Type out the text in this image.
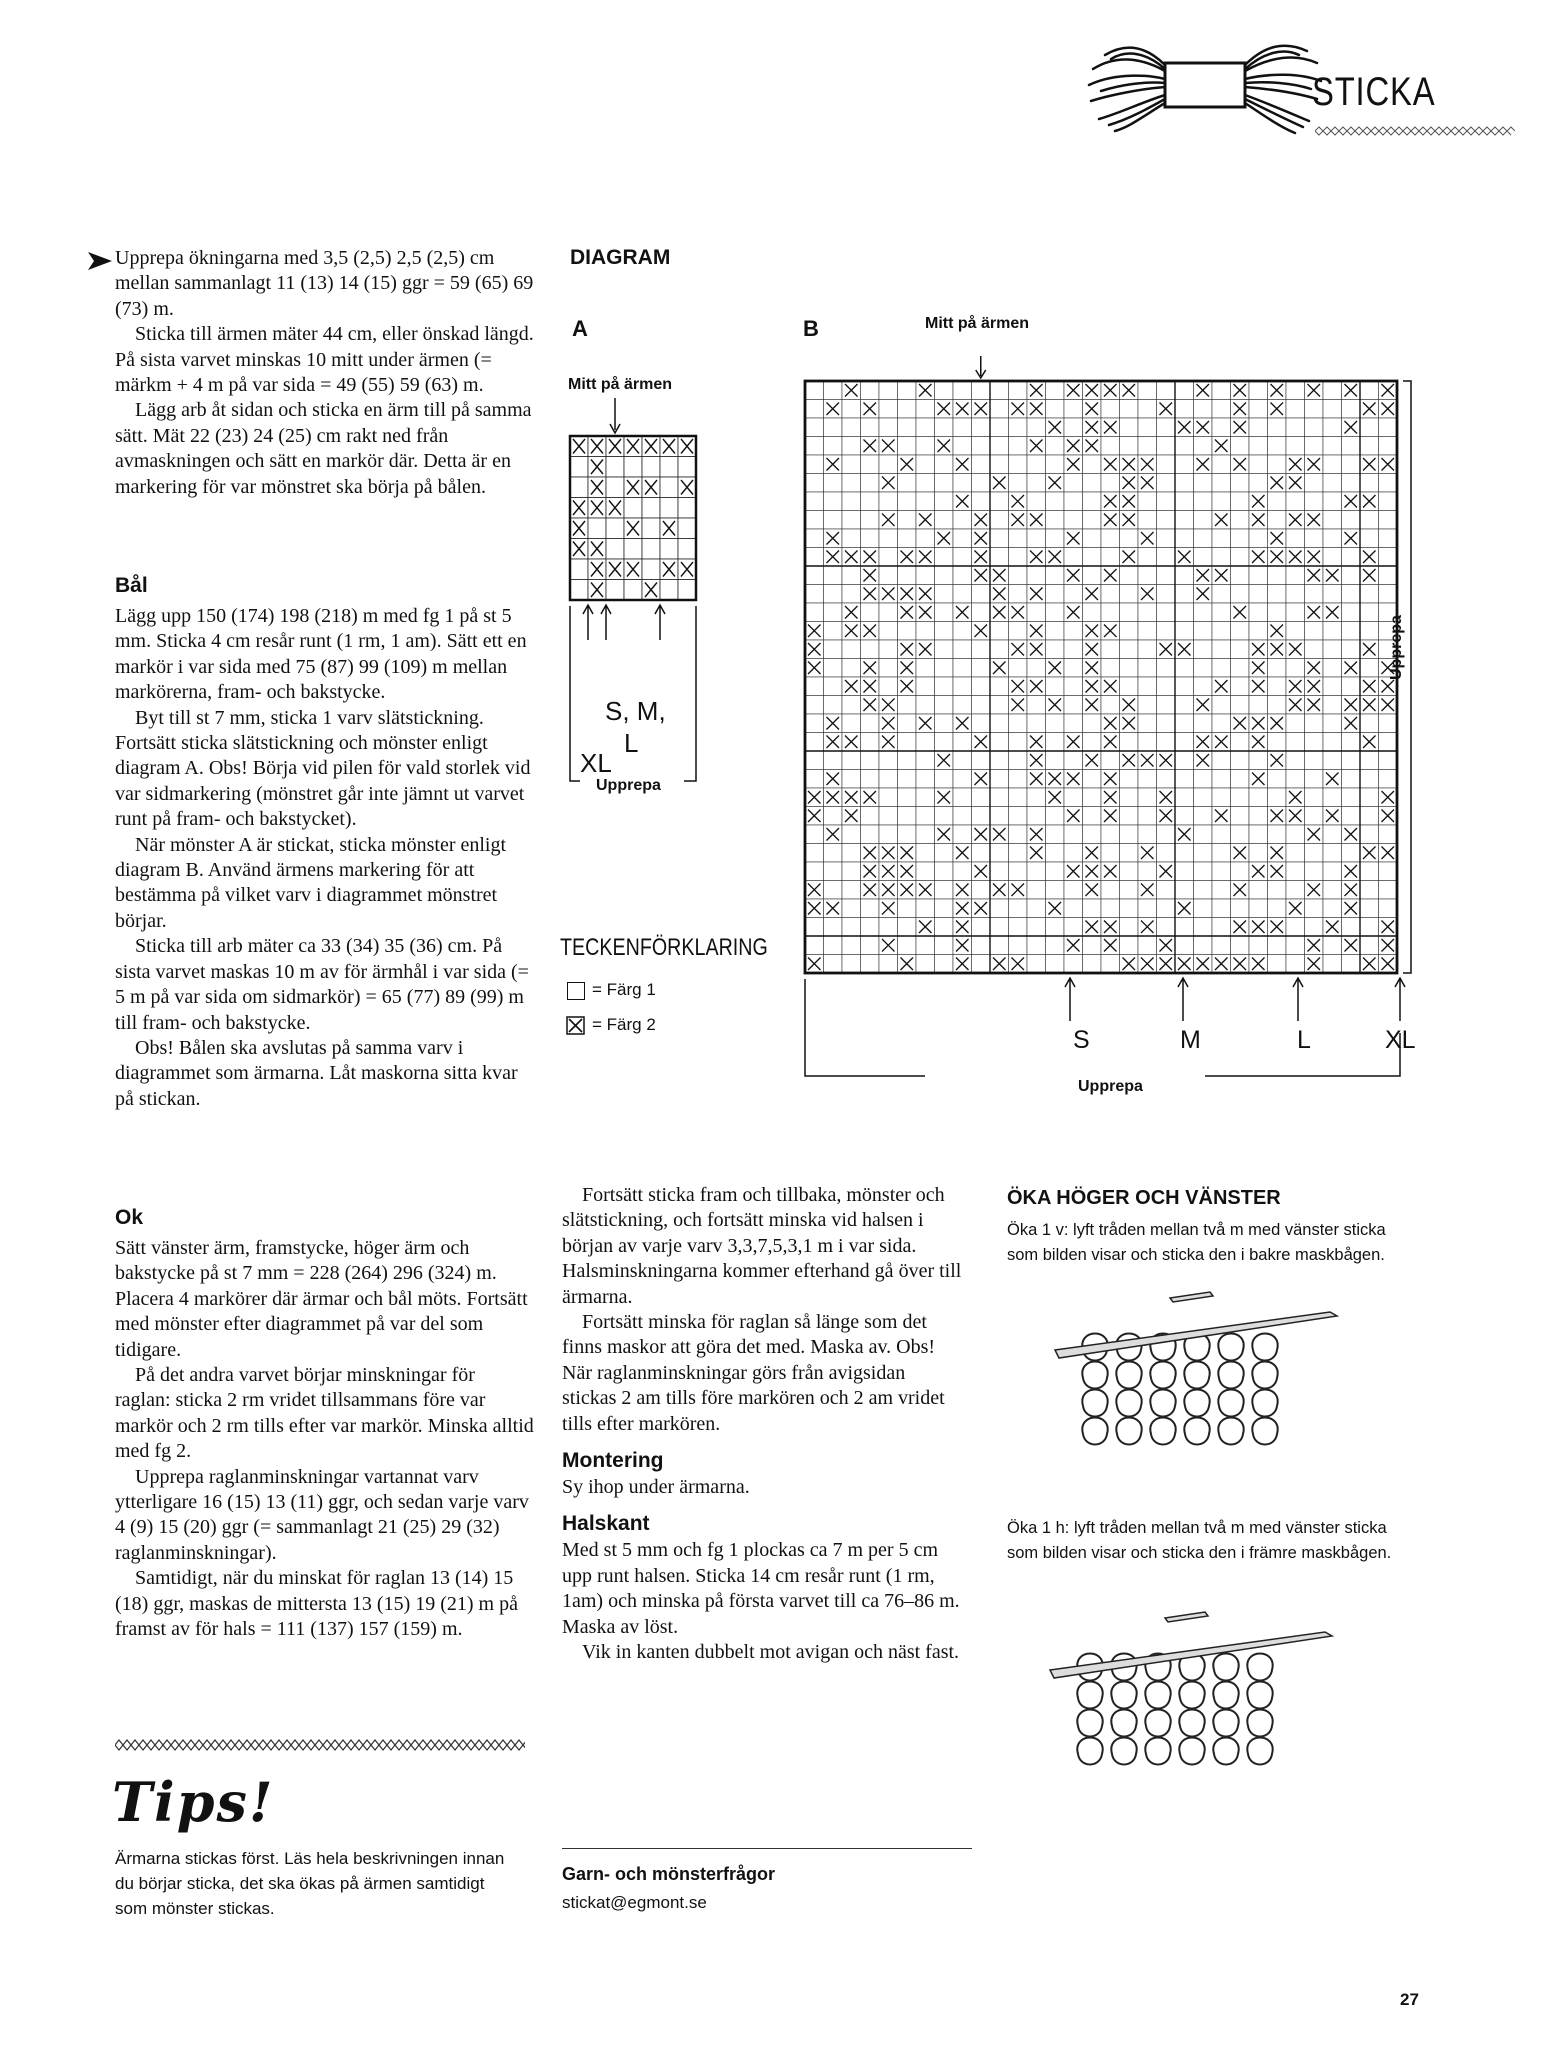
STICKA

Upprepa ökningarna med 3,5 (2,5) 2,5 (2,5) cm mellan sammanlagt 11 (13) 14 (15) ggr = 59 (65) 69 (73) m.

Sticka till ärmen mäter 44 cm, eller önskad längd. På sista varvet minskas 10 mitt under ärmen (= märkm + 4 m på var sida = 49 (55) 59 (63) m.

Lägg arb åt sidan och sticka en ärm till på samma sätt. Mät 22 (23) 24 (25) cm rakt ned från avmaskningen och sätt en markör där. Detta är en markering för var mönstret ska börja på bålen.

Bål

Lägg upp 150 (174) 198 (218) m med fg 1 på st 5 mm. Sticka 4 cm resår runt (1 rm, 1 am). Sätt ett en markör i var sida med 75 (87) 99 (109) m mellan markörerna, fram- och bakstycke.

Byt till st 7 mm, sticka 1 varv slätstickning. Fortsätt sticka slätstickning och mönster enligt diagram A. Obs! Börja vid pilen för vald storlek vid var sidmarkering (mönstret går inte jämnt ut varvet runt på fram- och bakstycket).

När mönster A är stickat, sticka mönster enligt diagram B. Använd ärmens markering för att bestämma på vilket varv i diagrammet mönstret börjar.

Sticka till arb mäter ca 33 (34) 35 (36) cm. På sista varvet maskas 10 m av för ärmhål i var sida (= 5 m på var sida om sidmarkör) = 65 (77) 89 (99) m till fram- och bakstycke.

Obs! Bålen ska avslutas på samma varv i diagrammet som ärmarna. Låt maskorna sitta kvar på stickan.

Ok

Sätt vänster ärm, framstycke, höger ärm och bakstycke på st 7 mm = 228 (264) 296 (324) m. Placera 4 markörer där ärmar och bål möts. Fortsätt med mönster efter diagrammet på var del som tidigare.

På det andra varvet börjar minskningar för raglan: sticka 2 rm vridet tillsammans före var markör och 2 rm tills efter var markör. Minska alltid med fg 2.

Upprepa raglanminskningar vartannat varv ytterligare 16 (15) 13 (11) ggr, och sedan varje varv 4 (9) 15 (20) ggr (= sammanlagt 21 (25) 29 (32) raglanminskningar).

Samtidigt, när du minskat för raglan 13 (14) 15 (18) ggr, maskas de mittersta 13 (15) 19 (21) m på framst av för hals = 111 (137) 157 (159) m.

Tips!
Ärmarna stickas först. Läs hela beskrivningen innan du börjar sticka, det ska ökas på ärmen samtidigt som mönster stickas.
DIAGRAM
A	B
Mitt på ärmen
Mitt på ärmen
S, M,
L
XL
Upprepa
Upprepa
S	M	L	XL
Upprepa
TECKENFÖRKLARING
= Färg 1
= Färg 2

Fortsätt sticka fram och tillbaka, mönster och slätstickning, och fortsätt minska vid halsen i början av varje varv 3,3,7,5,3,1 m i var sida. Halsminskningarna kommer efterhand gå över till ärmarna.

Fortsätt minska för raglan så länge som det finns maskor att göra det med. Maska av. Obs! När raglanminskningar görs från avigsidan stickas 2 am tills före markören och 2 am vridet tills efter markören.

Montering

Sy ihop under ärmarna.

Halskant

Med st 5 mm och fg 1 plockas ca 7 m per 5 cm upp runt halsen. Sticka 14 cm resår runt (1 rm, 1am) och minska på första varvet till ca 76–86 m. Maska av löst.

Vik in kanten dubbelt mot avigan och näst fast.

Garn- och mönsterfrågor
stickat@egmont.se
ÖKA HÖGER OCH VÄNSTER
Öka 1 v: lyft tråden mellan två m med vänster sticka som bilden visar och sticka den i bakre maskbågen.
Öka 1 h: lyft tråden mellan två m med vänster sticka som bilden visar och sticka den i främre maskbågen.
27
